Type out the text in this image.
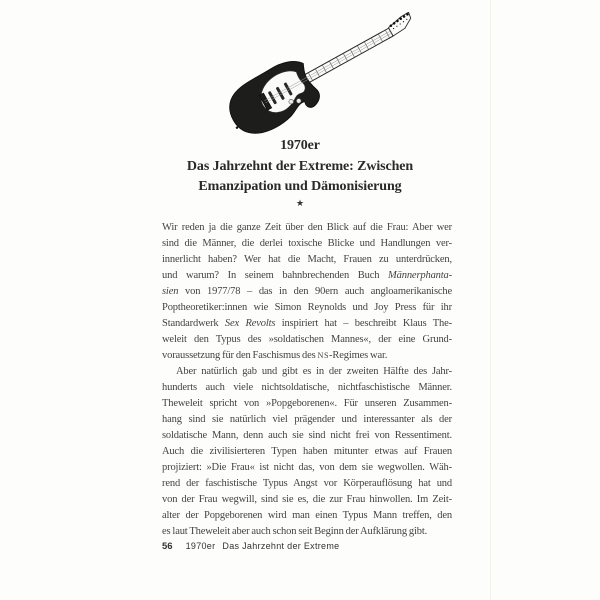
1970er
Das Jahrzehnt der Extreme: Zwischen
Emanzipation und Dämonisierung
★
Wir reden ja die ganze Zeit über den Blick auf die Frau: Aber wer
sind die Männer, die derlei toxische Blicke und Handlungen ver-
innerlicht haben? Wer hat die Macht, Frauen zu unterdrücken,
und warum? In seinem bahnbrechenden Buch Männerphanta-
sien von 1977/78 – das in den 90ern auch angloamerikanische
Poptheoretiker:innen wie Simon Reynolds und Joy Press für ihr
Standardwerk Sex Revolts inspiriert hat – beschreibt Klaus The-
weleit den Typus des »soldatischen Mannes«, der eine Grund-
voraussetzung für den Faschismus des NS-Regimes war.
Aber natürlich gab und gibt es in der zweiten Hälfte des Jahr-
hunderts auch viele nichtsoldatische, nichtfaschistische Männer.
Theweleit spricht von »Popgeborenen«. Für unseren Zusammen-
hang sind sie natürlich viel prägender und interessanter als der
soldatische Mann, denn auch sie sind nicht frei von Ressentiment.
Auch die zivilisierteren Typen haben mitunter etwas auf Frauen
projiziert: »Die Frau« ist nicht das, von dem sie wegwollen. Wäh-
rend der faschistische Typus Angst vor Körperauflösung hat und
von der Frau wegwill, sind sie es, die zur Frau hinwollen. Im Zeit-
alter der Popgeborenen wird man einen Typus Mann treffen, den
es laut Theweleit aber auch schon seit Beginn der Aufklärung gibt.
56 1970er Das Jahrzehnt der Extreme
